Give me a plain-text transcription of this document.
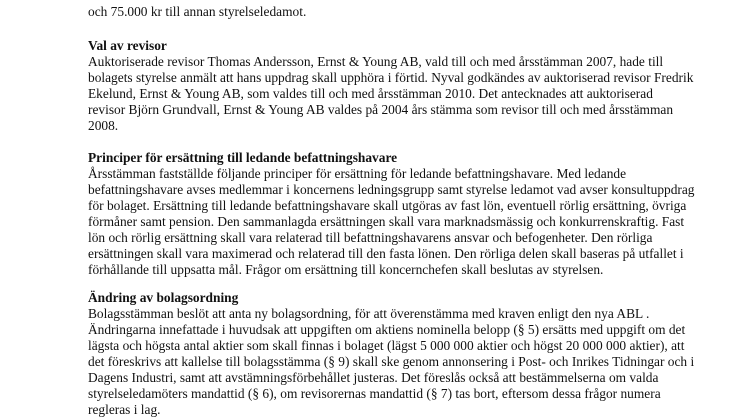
och 75.000 kr till annan styrelseledamot.
Val av revisor
Auktoriserade revisor Thomas Andersson, Ernst & Young AB, vald till och med årsstämman 2007, hade till
bolagets styrelse anmält att hans uppdrag skall upphöra i förtid. Nyval godkändes av auktoriserad revisor Fredrik
Ekelund, Ernst & Young AB, som valdes till och med årsstämman 2010. Det antecknades att auktoriserad
revisor Björn Grundvall, Ernst & Young AB valdes på 2004 års stämma som revisor till och med årsstämman
2008.
Principer för ersättning till ledande befattningshavare
Årsstämman fastställde följande principer för ersättning för ledande befattningshavare. Med ledande
befattningshavare avses medlemmar i koncernens ledningsgrupp samt styrelse ledamot vad avser konsultuppdrag
för bolaget. Ersättning till ledande befattningshavare skall utgöras av fast lön, eventuell rörlig ersättning, övriga
förmåner samt pension. Den sammanlagda ersättningen skall vara marknadsmässig och konkurrenskraftig. Fast
lön och rörlig ersättning skall vara relaterad till befattningshavarens ansvar och befogenheter. Den rörliga
ersättningen skall vara maximerad och relaterad till den fasta lönen. Den rörliga delen skall baseras på utfallet i
förhållande till uppsatta mål. Frågor om ersättning till koncernchefen skall beslutas av styrelsen.
Ändring av bolagsordning
Bolagsstämman beslöt att anta ny bolagsordning, för att överenstämma med kraven enligt den nya ABL .
Ändringarna innefattade i huvudsak att uppgiften om aktiens nominella belopp (§ 5) ersätts med uppgift om det
lägsta och högsta antal aktier som skall finnas i bolaget (lägst 5 000 000 aktier och högst 20 000 000 aktier), att
det föreskrivs att kallelse till bolagsstämma (§ 9) skall ske genom annonsering i Post- och Inrikes Tidningar och i
Dagens Industri, samt att avstämningsförbehållet justeras. Det föreslås också att bestämmelserna om valda
styrelseledamöters mandattid (§ 6), om revisorernas mandattid (§ 7) tas bort, eftersom dessa frågor numera
regleras i lag.
